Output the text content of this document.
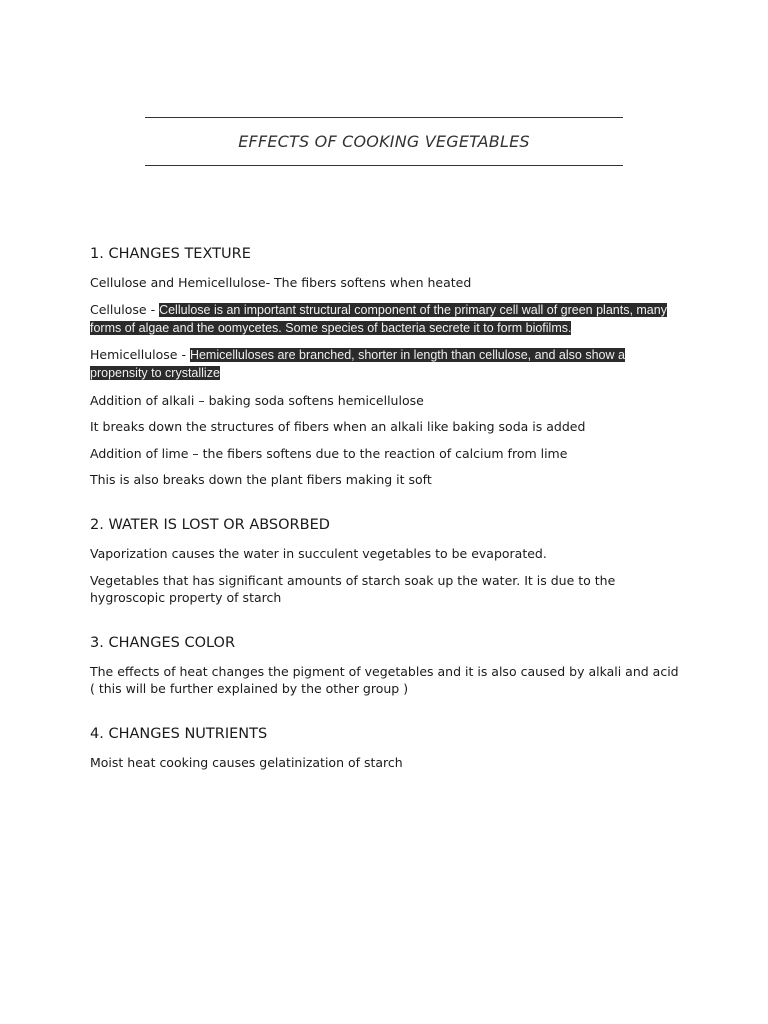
EFFECTS OF COOKING VEGETABLES
1. CHANGES TEXTURE

Cellulose and Hemicellulose- The fibers softens when heated

Cellulose - Cellulose is an important structural component of the primary cell wall of green plants, many forms of algae and the oomycetes. Some species of bacteria secrete it to form biofilms.

Hemicellulose - Hemicelluloses are branched, shorter in length than cellulose, and also show a propensity to crystallize

Addition of alkali – baking soda softens hemicellulose

It breaks down the structures of fibers when an alkali like baking soda is added

Addition of lime – the fibers softens due to the reaction of calcium from lime

This is also breaks down the plant fibers making it soft

2. WATER IS LOST OR ABSORBED

Vaporization causes the water in succulent vegetables to be evaporated.

Vegetables that has significant amounts of starch soak up the water. It is due to the hygroscopic property of starch

3. CHANGES COLOR

The effects of heat changes the pigment of vegetables and it is also caused by alkali and acid ( this will be further explained by the other group )

4. CHANGES NUTRIENTS

Moist heat cooking causes gelatinization of starch
